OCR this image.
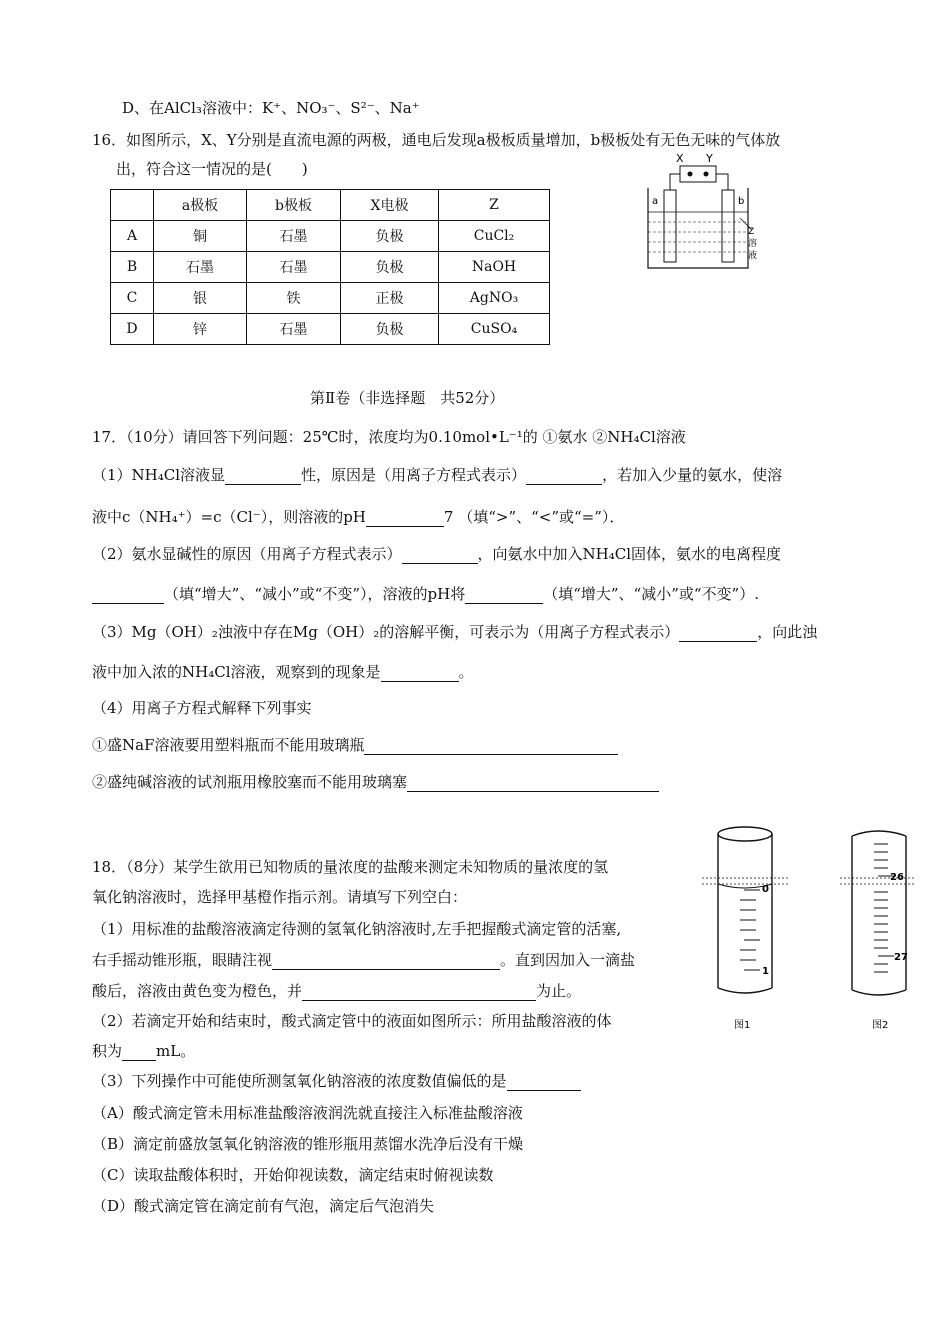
D、在AlCl₃溶液中：K⁺、NO₃⁻、S²⁻、Na⁺
16．如图所示，X、Y分别是直流电源的两极，通电后发现a极板质量增加，b极板处有无色无味的气体放
出，符合这一情况的是(　　)
	a极板	b极板	X电极	Z
A	铜	石墨	负极	CuCl₂
B	石墨	石墨	负极	NaOH
C	银	铁	正极	AgNO₃
D	锌	石墨	负极	CuSO₄
X Y
a	b
Z
溶
液
第Ⅱ卷（非选择题　共52分）
17．（10分）请回答下列问题：25℃时，浓度均为0.10mol•L⁻¹的 ①氨水 ②NH₄Cl溶液
（1）NH₄Cl溶液显	性，原因是（用离子方程式表示）	，若加入少量的氨水，使溶
液中c（NH₄⁺）=c（Cl⁻），则溶液的pH	7 （填“>”、“<”或“=”）．
（2）氨水显碱性的原因（用离子方程式表示）	，向氨水中加入NH₄Cl固体，氨水的电离程度
（填“增大”、“减小”或“不变”），溶液的pH将	（填“增大”、“减小”或“不变”）.
（3）Mg（OH）₂浊液中存在Mg（OH）₂的溶解平衡，可表示为（用离子方程式表示）	，向此浊
液中加入浓的NH₄Cl溶液，观察到的现象是	。
（4）用离子方程式解释下列事实
①盛NaF溶液要用塑料瓶而不能用玻璃瓶
②盛纯碱溶液的试剂瓶用橡胶塞而不能用玻璃塞
18．（8分）某学生欲用已知物质的量浓度的盐酸来测定未知物质的量浓度的氢
氧化钠溶液时，选择甲基橙作指示剂。请填写下列空白：
（1）用标准的盐酸溶液滴定待测的氢氧化钠溶液时,左手把握酸式滴定管的活塞,
右手摇动锥形瓶，眼睛注视	。直到因加入一滴盐
酸后，溶液由黄色变为橙色，并	为止。
（2）若滴定开始和结束时，酸式滴定管中的液面如图所示：所用盐酸溶液的体
积为 mL。
（3）下列操作中可能使所测氢氧化钠溶液的浓度数值偏低的是
（A）酸式滴定管未用标准盐酸溶液润洗就直接注入标准盐酸溶液
（B）滴定前盛放氢氧化钠溶液的锥形瓶用蒸馏水洗净后没有干燥
（C）读取盐酸体积时，开始仰视读数，滴定结束时俯视读数
（D）酸式滴定管在滴定前有气泡，滴定后气泡消失
0
1
图1
26
27
图2
